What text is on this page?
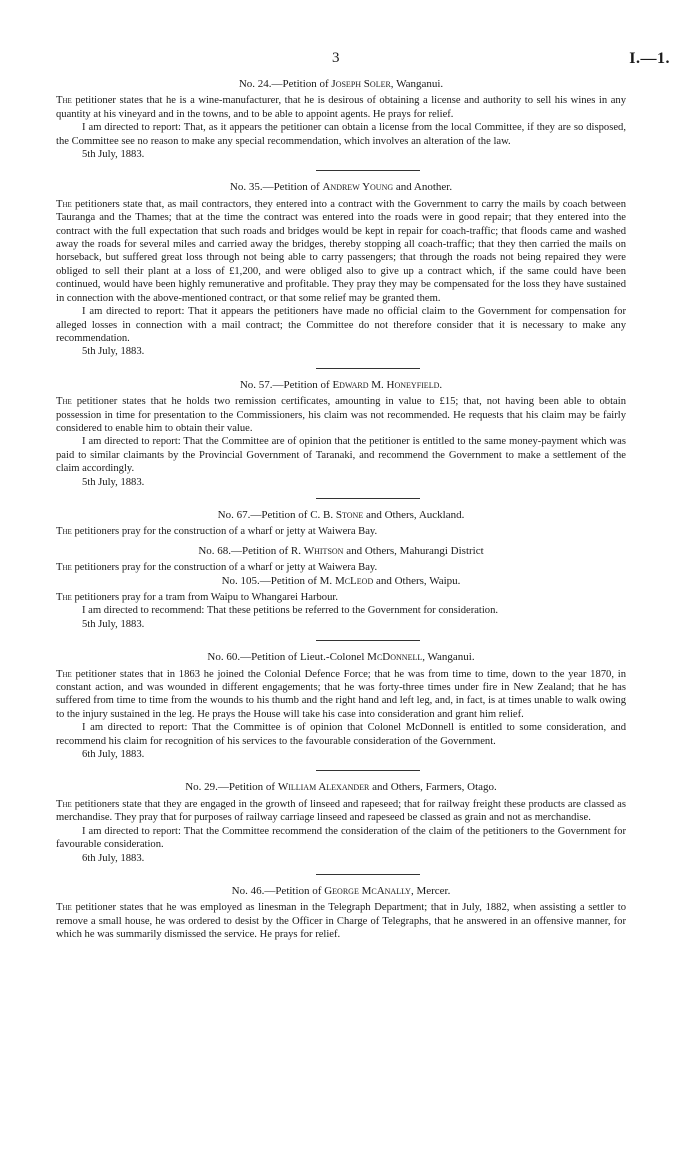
3	I.—1.
No. 24.—Petition of Joseph Soler, Wanganui.

The petitioner states that he is a wine-manufacturer, that he is desirous of obtaining a license and authority to sell his wines in any quantity at his vineyard and in the towns, and to be able to appoint agents. He prays for relief.

I am directed to report: That, as it appears the petitioner can obtain a license from the local Committee, if they are so disposed, the Committee see no reason to make any special recommendation, which involves an alteration of the law.

5th July, 1883.

No. 35.—Petition of Andrew Young and Another.

The petitioners state that, as mail contractors, they entered into a contract with the Government to carry the mails by coach between Tauranga and the Thames; that at the time the contract was entered into the roads were in good repair; that they entered into the contract with the full expectation that such roads and bridges would be kept in repair for coach-traffic; that floods came and washed away the roads for several miles and carried away the bridges, thereby stopping all coach-traffic; that they then carried the mails on horseback, but suffered great loss through not being able to carry passengers; that through the roads not being repaired they were obliged to sell their plant at a loss of £1,200, and were obliged also to give up a contract which, if the same could have been continued, would have been highly remunerative and profitable. They pray they may be compensated for the loss they have sustained in connection with the above-mentioned contract, or that some relief may be granted them.

I am directed to report: That it appears the petitioners have made no official claim to the Government for compensation for alleged losses in connection with a mail contract; the Committee do not therefore consider that it is necessary to make any recommendation.

5th July, 1883.

No. 57.—Petition of Edward M. Honeyfield.

The petitioner states that he holds two remission certificates, amounting in value to £15; that, not having been able to obtain possession in time for presentation to the Commissioners, his claim was not recommended. He requests that his claim may be fairly considered to enable him to obtain their value.

I am directed to report: That the Committee are of opinion that the petitioner is entitled to the same money-payment which was paid to similar claimants by the Provincial Government of Taranaki, and recommend the Government to make a settlement of the claim accordingly.

5th July, 1883.

No. 67.—Petition of C. B. Stone and Others, Auckland.

The petitioners pray for the construction of a wharf or jetty at Waiwera Bay.

No. 68.—Petition of R. Whitson and Others, Mahurangi District

The petitioners pray for the construction of a wharf or jetty at Waiwera Bay.

No. 105.—Petition of M. McLeod and Others, Waipu.

The petitioners pray for a tram from Waipu to Whangarei Harbour.

I am directed to recommend: That these petitions be referred to the Government for consideration.

5th July, 1883.

No. 60.—Petition of Lieut.-Colonel McDonnell, Wanganui.

The petitioner states that in 1863 he joined the Colonial Defence Force; that he was from time to time, down to the year 1870, in constant action, and was wounded in different engagements; that he was forty-three times under fire in New Zealand; that he has suffered from time to time from the wounds to his thumb and the right hand and left leg, and, in fact, is at times unable to walk owing to the injury sustained in the leg. He prays the House will take his case into consideration and grant him relief.

I am directed to report: That the Committee is of opinion that Colonel McDonnell is entitled to some consideration, and recommend his claim for recognition of his services to the favourable consideration of the Government.

6th July, 1883.

No. 29.—Petition of William Alexander and Others, Farmers, Otago.

The petitioners state that they are engaged in the growth of linseed and rapeseed; that for railway freight these products are classed as merchandise. They pray that for purposes of railway carriage linseed and rapeseed be classed as grain and not as merchandise.

I am directed to report: That the Committee recommend the consideration of the claim of the petitioners to the Government for favourable consideration.

6th July, 1883.

No. 46.—Petition of George McAnally, Mercer.

The petitioner states that he was employed as linesman in the Telegraph Department; that in July, 1882, when assisting a settler to remove a small house, he was ordered to desist by the Officer in Charge of Telegraphs, that he answered in an offensive manner, for which he was summarily dismissed the service. He prays for relief.
